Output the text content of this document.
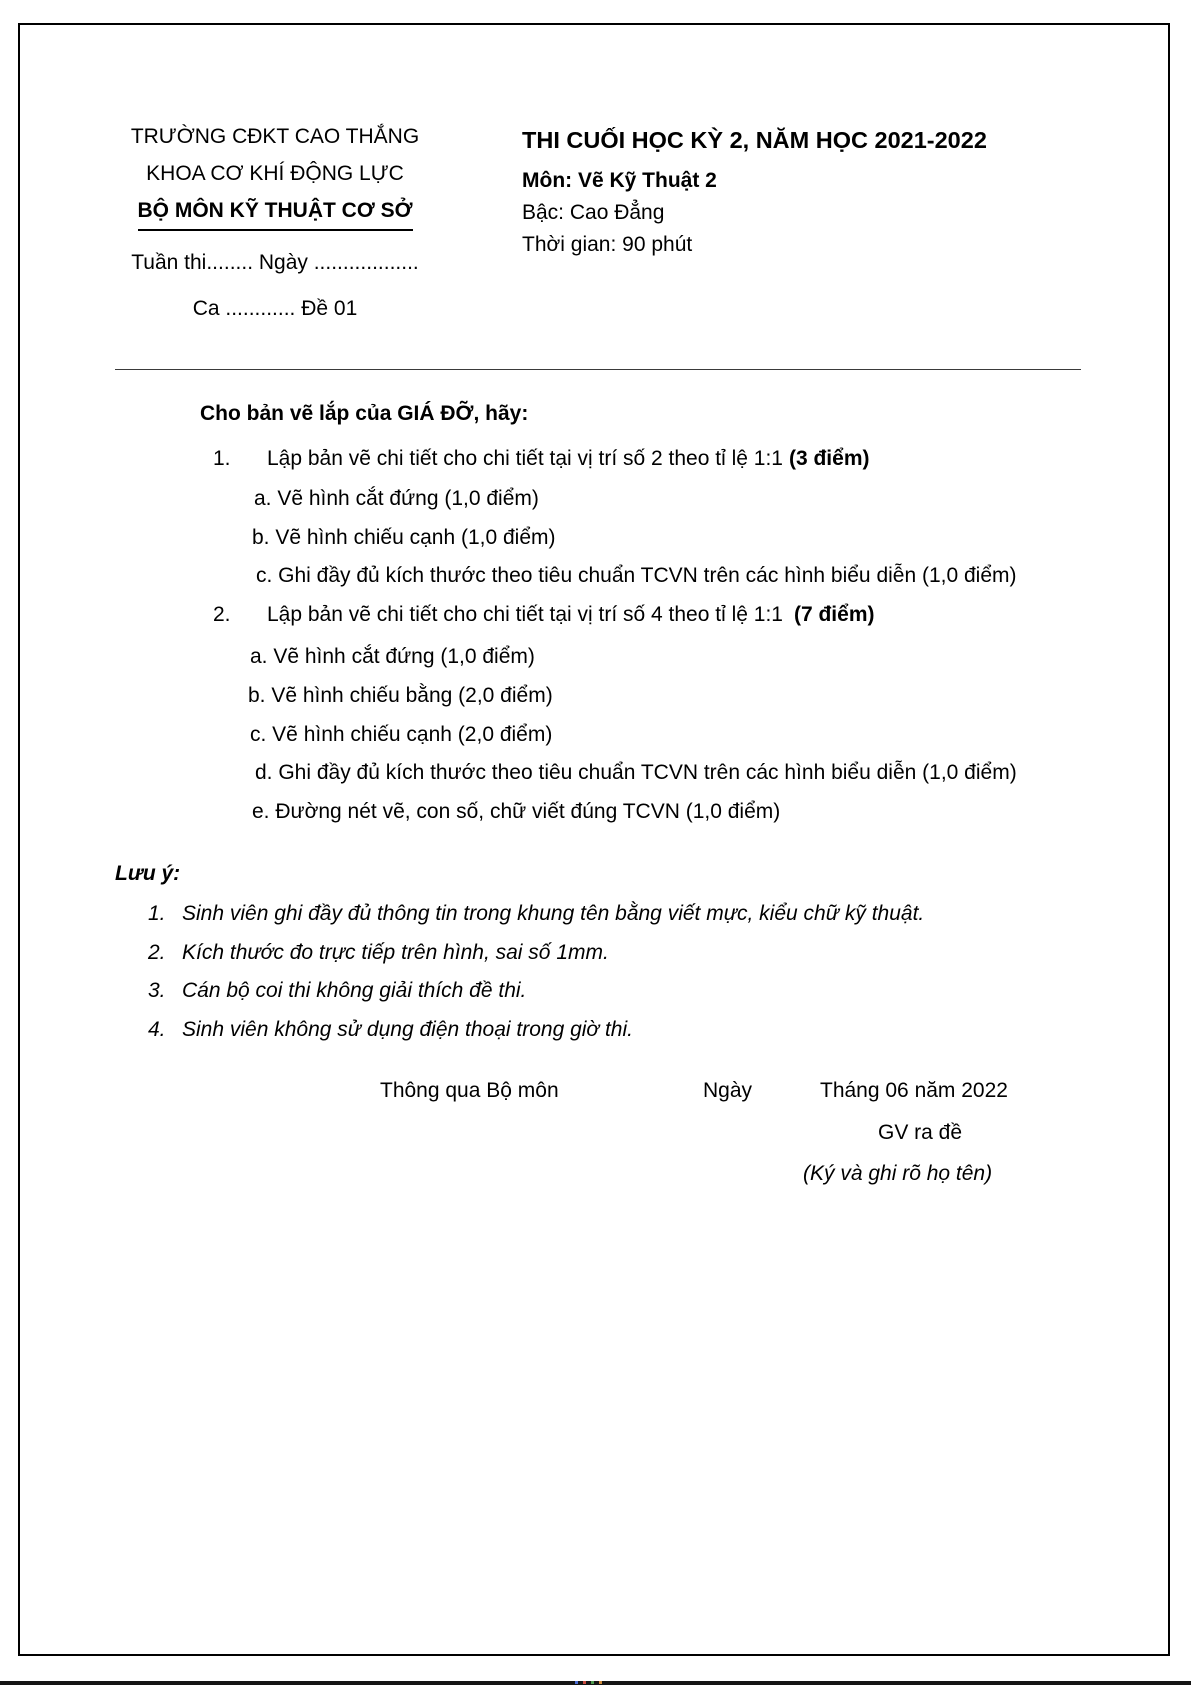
TRƯỜNG CĐKT CAO THẮNG
KHOA CƠ KHÍ ĐỘNG LỰC
BỘ MÔN KỸ THUẬT CƠ SỞ
Tuần thi........ Ngày ..................
Ca ............ Đề 01
THI CUỐI HỌC KỲ 2, NĂM HỌC 2021-2022
Môn: Vẽ Kỹ Thuật 2
Bậc: Cao Đẳng
Thời gian: 90 phút
Cho bản vẽ lắp của GIÁ ĐỠ, hãy:
1. Lập bản vẽ chi tiết cho chi tiết tại vị trí số 2 theo tỉ lệ 1:1 (3 điểm)
a. Vẽ hình cắt đứng (1,0 điểm)
b. Vẽ hình chiếu cạnh (1,0 điểm)
c. Ghi đầy đủ kích thước theo tiêu chuẩn TCVN trên các hình biểu diễn (1,0 điểm)
2. Lập bản vẽ chi tiết cho chi tiết tại vị trí số 4 theo tỉ lệ 1:1 (7 điểm)
a. Vẽ hình cắt đứng (1,0 điểm)
b. Vẽ hình chiếu bằng (2,0 điểm)
c. Vẽ hình chiếu cạnh (2,0 điểm)
d. Ghi đầy đủ kích thước theo tiêu chuẩn TCVN trên các hình biểu diễn (1,0 điểm)
e. Đường nét vẽ, con số, chữ viết đúng TCVN (1,0 điểm)
Lưu ý:
1. Sinh viên ghi đầy đủ thông tin trong khung tên bằng viết mực, kiểu chữ kỹ thuật.
2. Kích thước đo trực tiếp trên hình, sai số 1mm.
3. Cán bộ coi thi không giải thích đề thi.
4. Sinh viên không sử dụng điện thoại trong giờ thi.
Thông qua Bộ môn	Ngày	Tháng 06 năm 2022
GV ra đề
(Ký và ghi rõ họ tên)
